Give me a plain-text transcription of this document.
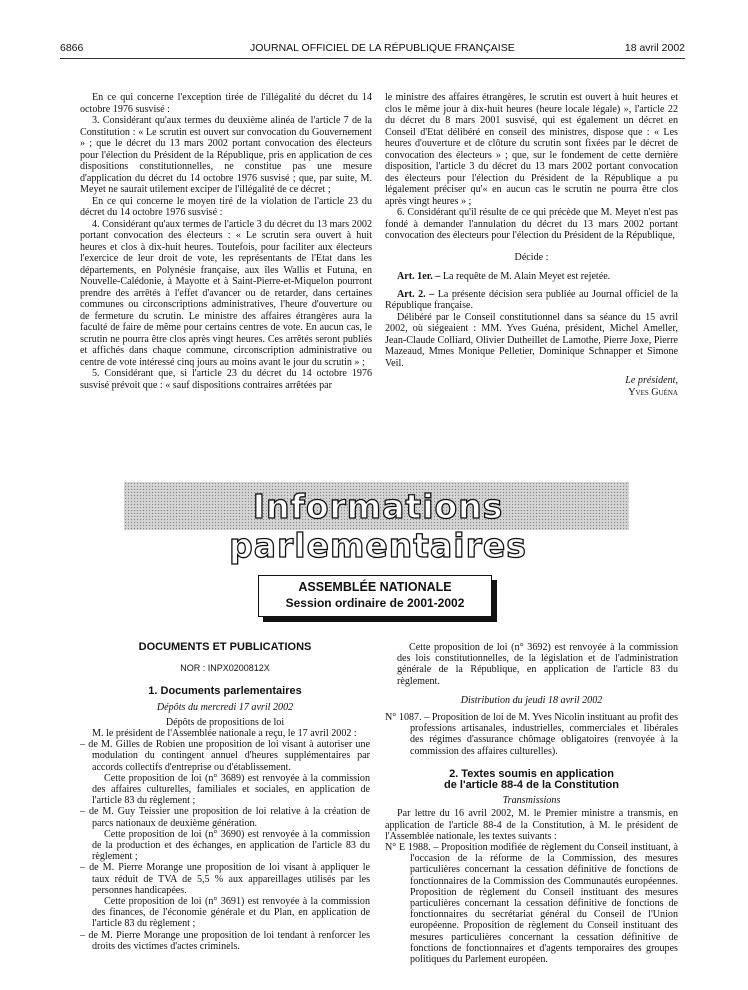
6866	JOURNAL OFFICIEL DE LA RÉPUBLIQUE FRANÇAISE	18 avril 2002

En ce qui concerne l'exception tirée de l'illégalité du décret du 14 octobre 1976 susvisé :

3. Considérant qu'aux termes du deuxième alinéa de l'article 7 de la Constitution : « Le scrutin est ouvert sur convocation du Gouvernement » ; que le décret du 13 mars 2002 portant convocation des électeurs pour l'élection du Président de la République, pris en application de ces dispositions constitutionnelles, ne constitue pas une mesure d'application du décret du 14 octobre 1976 susvisé ; que, par suite, M. Meyet ne saurait utilement exciper de l'illégalité de ce décret ;

En ce qui concerne le moyen tiré de la violation de l'article 23 du décret du 14 octobre 1976 susvisé :

4. Considérant qu'aux termes de l'article 3 du décret du 13 mars 2002 portant convocation des électeurs : « Le scrutin sera ouvert à huit heures et clos à dix-huit heures. Toutefois, pour faciliter aux électeurs l'exercice de leur droit de vote, les représentants de l'Etat dans les départements, en Polynésie française, aux îles Wallis et Futuna, en Nouvelle-Calédonie, à Mayotte et à Saint-Pierre-et-Miquelon pourront prendre des arrêtés à l'effet d'avancer ou de retarder, dans certaines communes ou circonscriptions administratives, l'heure d'ouverture ou de fermeture du scrutin. Le ministre des affaires étrangères aura la faculté de faire de même pour certains centres de vote. En aucun cas, le scrutin ne pourra être clos après vingt heures. Ces arrêtés seront publiés et affichés dans chaque commune, circonscription administrative ou centre de vote intéressé cinq jours au moins avant le jour du scrutin » ;

5. Considérant que, si l'article 23 du décret du 14 octobre 1976 susvisé prévoit que : « sauf dispositions contraires arrêtées par

le ministre des affaires étrangères, le scrutin est ouvert à huit heures et clos le même jour à dix-huit heures (heure locale légale) », l'article 22 du décret du 8 mars 2001 susvisé, qui est également un décret en Conseil d'Etat délibéré en conseil des ministres, dispose que : « Les heures d'ouverture et de clôture du scrutin sont fixées par le décret de convocation des électeurs » ; que, sur le fondement de cette dernière disposition, l'article 3 du décret du 13 mars 2002 portant convocation des électeurs pour l'élection du Président de la République a pu légalement préciser qu'« en aucun cas le scrutin ne pourra être clos après vingt heures » ;

6. Considérant qu'il résulte de ce qui précède que M. Meyet n'est pas fondé à demander l'annulation du décret du 13 mars 2002 portant convocation des électeurs pour l'élection du Président de la République,

Décide :

Art. 1er. – La requête de M. Alain Meyet est rejetée.

Art. 2. – La présente décision sera publiée au Journal officiel de la République française.

Délibéré par le Conseil constitutionnel dans sa séance du 15 avril 2002, où siégeaient : MM. Yves Guéna, président, Michel Ameller, Jean-Claude Colliard, Olivier Dutheillet de Lamothe, Pierre Joxe, Pierre Mazeaud, Mmes Monique Pelletier, Dominique Schnapper et Simone Veil.

Le président,

Yves Guéna

Informations parlementaires
ASSEMBLÉE NATIONALE
Session ordinaire de 2001-2002

DOCUMENTS ET PUBLICATIONS

NOR : INPX0200812X

1. Documents parlementaires

Dépôts du mercredi 17 avril 2002

Dépôts de propositions de loi

M. le président de l'Assemblée nationale a reçu, le 17 avril 2002 :

– de M. Gilles de Robien une proposition de loi visant à autoriser une modulation du contingent annuel d'heures supplémentaires par accords collectifs d'entreprise ou d'établissement.

Cette proposition de loi (n° 3689) est renvoyée à la commission des affaires culturelles, familiales et sociales, en application de l'article 83 du règlement ;

– de M. Guy Teissier une proposition de loi relative à la création de parcs nationaux de deuxième génération.

Cette proposition de loi (n° 3690) est renvoyée à la commission de la production et des échanges, en application de l'article 83 du règlement ;

– de M. Pierre Morange une proposition de loi visant à appliquer le taux réduit de TVA de 5,5 % aux appareillages utilisés par les personnes handicapées.

Cette proposition de loi (n° 3691) est renvoyée à la commission des finances, de l'économie générale et du Plan, en application de l'article 83 du règlement ;

– de M. Pierre Morange une proposition de loi tendant à renforcer les droits des victimes d'actes criminels.

Cette proposition de loi (n° 3692) est renvoyée à la commission des lois constitutionnelles, de la législation et de l'administration générale de la République, en application de l'article 83 du règlement.

Distribution du jeudi 18 avril 2002

N° 1087. – Proposition de loi de M. Yves Nicolin instituant au profit des professions artisanales, industrielles, commerciales et libérales des régimes d'assurance chômage obligatoires (renvoyée à la commission des affaires culturelles).

2. Textes soumis en application

de l'article 88-4 de la Constitution

Transmissions

Par lettre du 16 avril 2002, M. le Premier ministre a transmis, en application de l'article 88-4 de la Constitution, à M. le président de l'Assemblée nationale, les textes suivants :

N° E 1988. – Proposition modifiée de règlement du Conseil instituant, à l'occasion de la réforme de la Commission, des mesures particulières concernant la cessation définitive de fonctions de fonctionnaires de la Commission des Communautés européennes. Proposition de règlement du Conseil instituant des mesures particulières concernant la cessation définitive de fonctions de fonctionnaires du secrétariat général du Conseil de l'Union européenne. Proposition de règlement du Conseil instituant des mesures particulières concernant la cessation définitive de fonctions de fonctionnaires et d'agents temporaires des groupes politiques du Parlement européen.
